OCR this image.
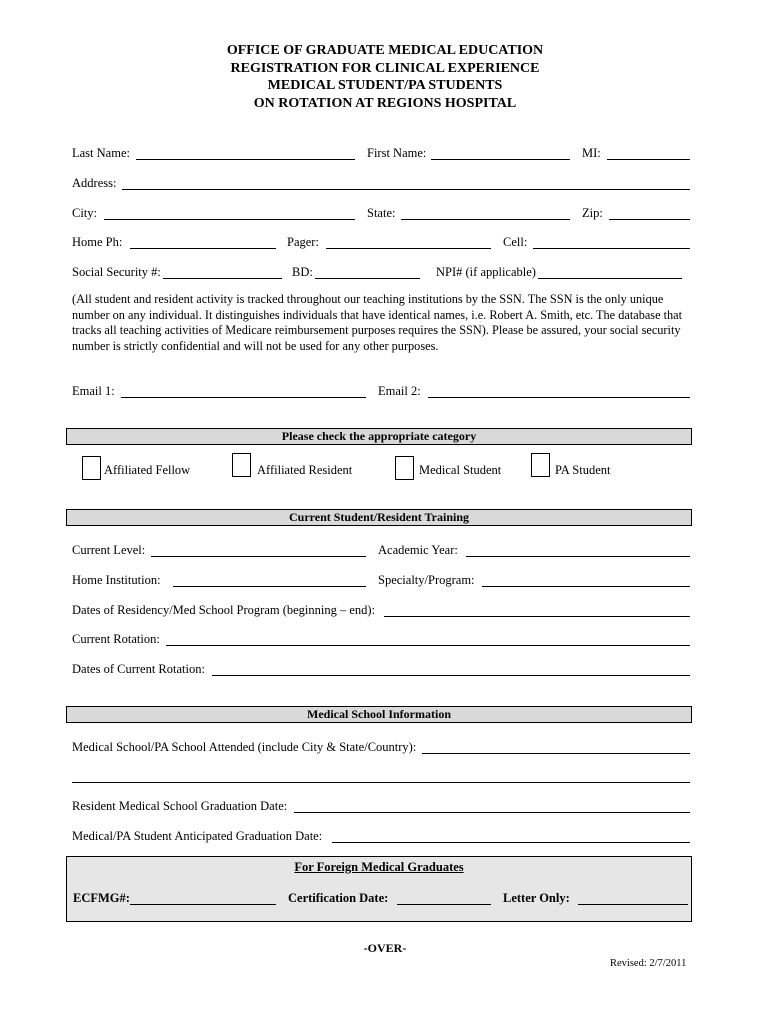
OFFICE OF GRADUATE MEDICAL EDUCATION
REGISTRATION FOR CLINICAL EXPERIENCE
MEDICAL STUDENT/PA STUDENTS
ON ROTATION AT REGIONS HOSPITAL
Last Name:	First Name:	MI:
Address:
City:	State:	Zip:
Home Ph:	Pager:	Cell:
Social Security #:	BD:	NPI# (if applicable)
(All student and resident activity is tracked throughout our teaching institutions by the SSN. The SSN is the only unique number on any individual. It distinguishes individuals that have identical names, i.e. Robert A. Smith, etc. The database that tracks all teaching activities of Medicare reimbursement purposes requires the SSN). Please be assured, your social security number is strictly confidential and will not be used for any other purposes.
Email 1:	Email 2:
Please check the appropriate category
Affiliated Fellow	Affiliated Resident	Medical Student	PA Student
Current Student/Resident Training
Current Level:	Academic Year:
Home Institution:	Specialty/Program:
Dates of Residency/Med School Program (beginning – end):
Current Rotation:
Dates of Current Rotation:
Medical School Information
Medical School/PA School Attended (include City & State/Country):
Resident Medical School Graduation Date:
Medical/PA Student Anticipated Graduation Date:
For Foreign Medical Graduates
ECFMG#:	Certification Date:	Letter Only:
-OVER-
Revised: 2/7/2011
